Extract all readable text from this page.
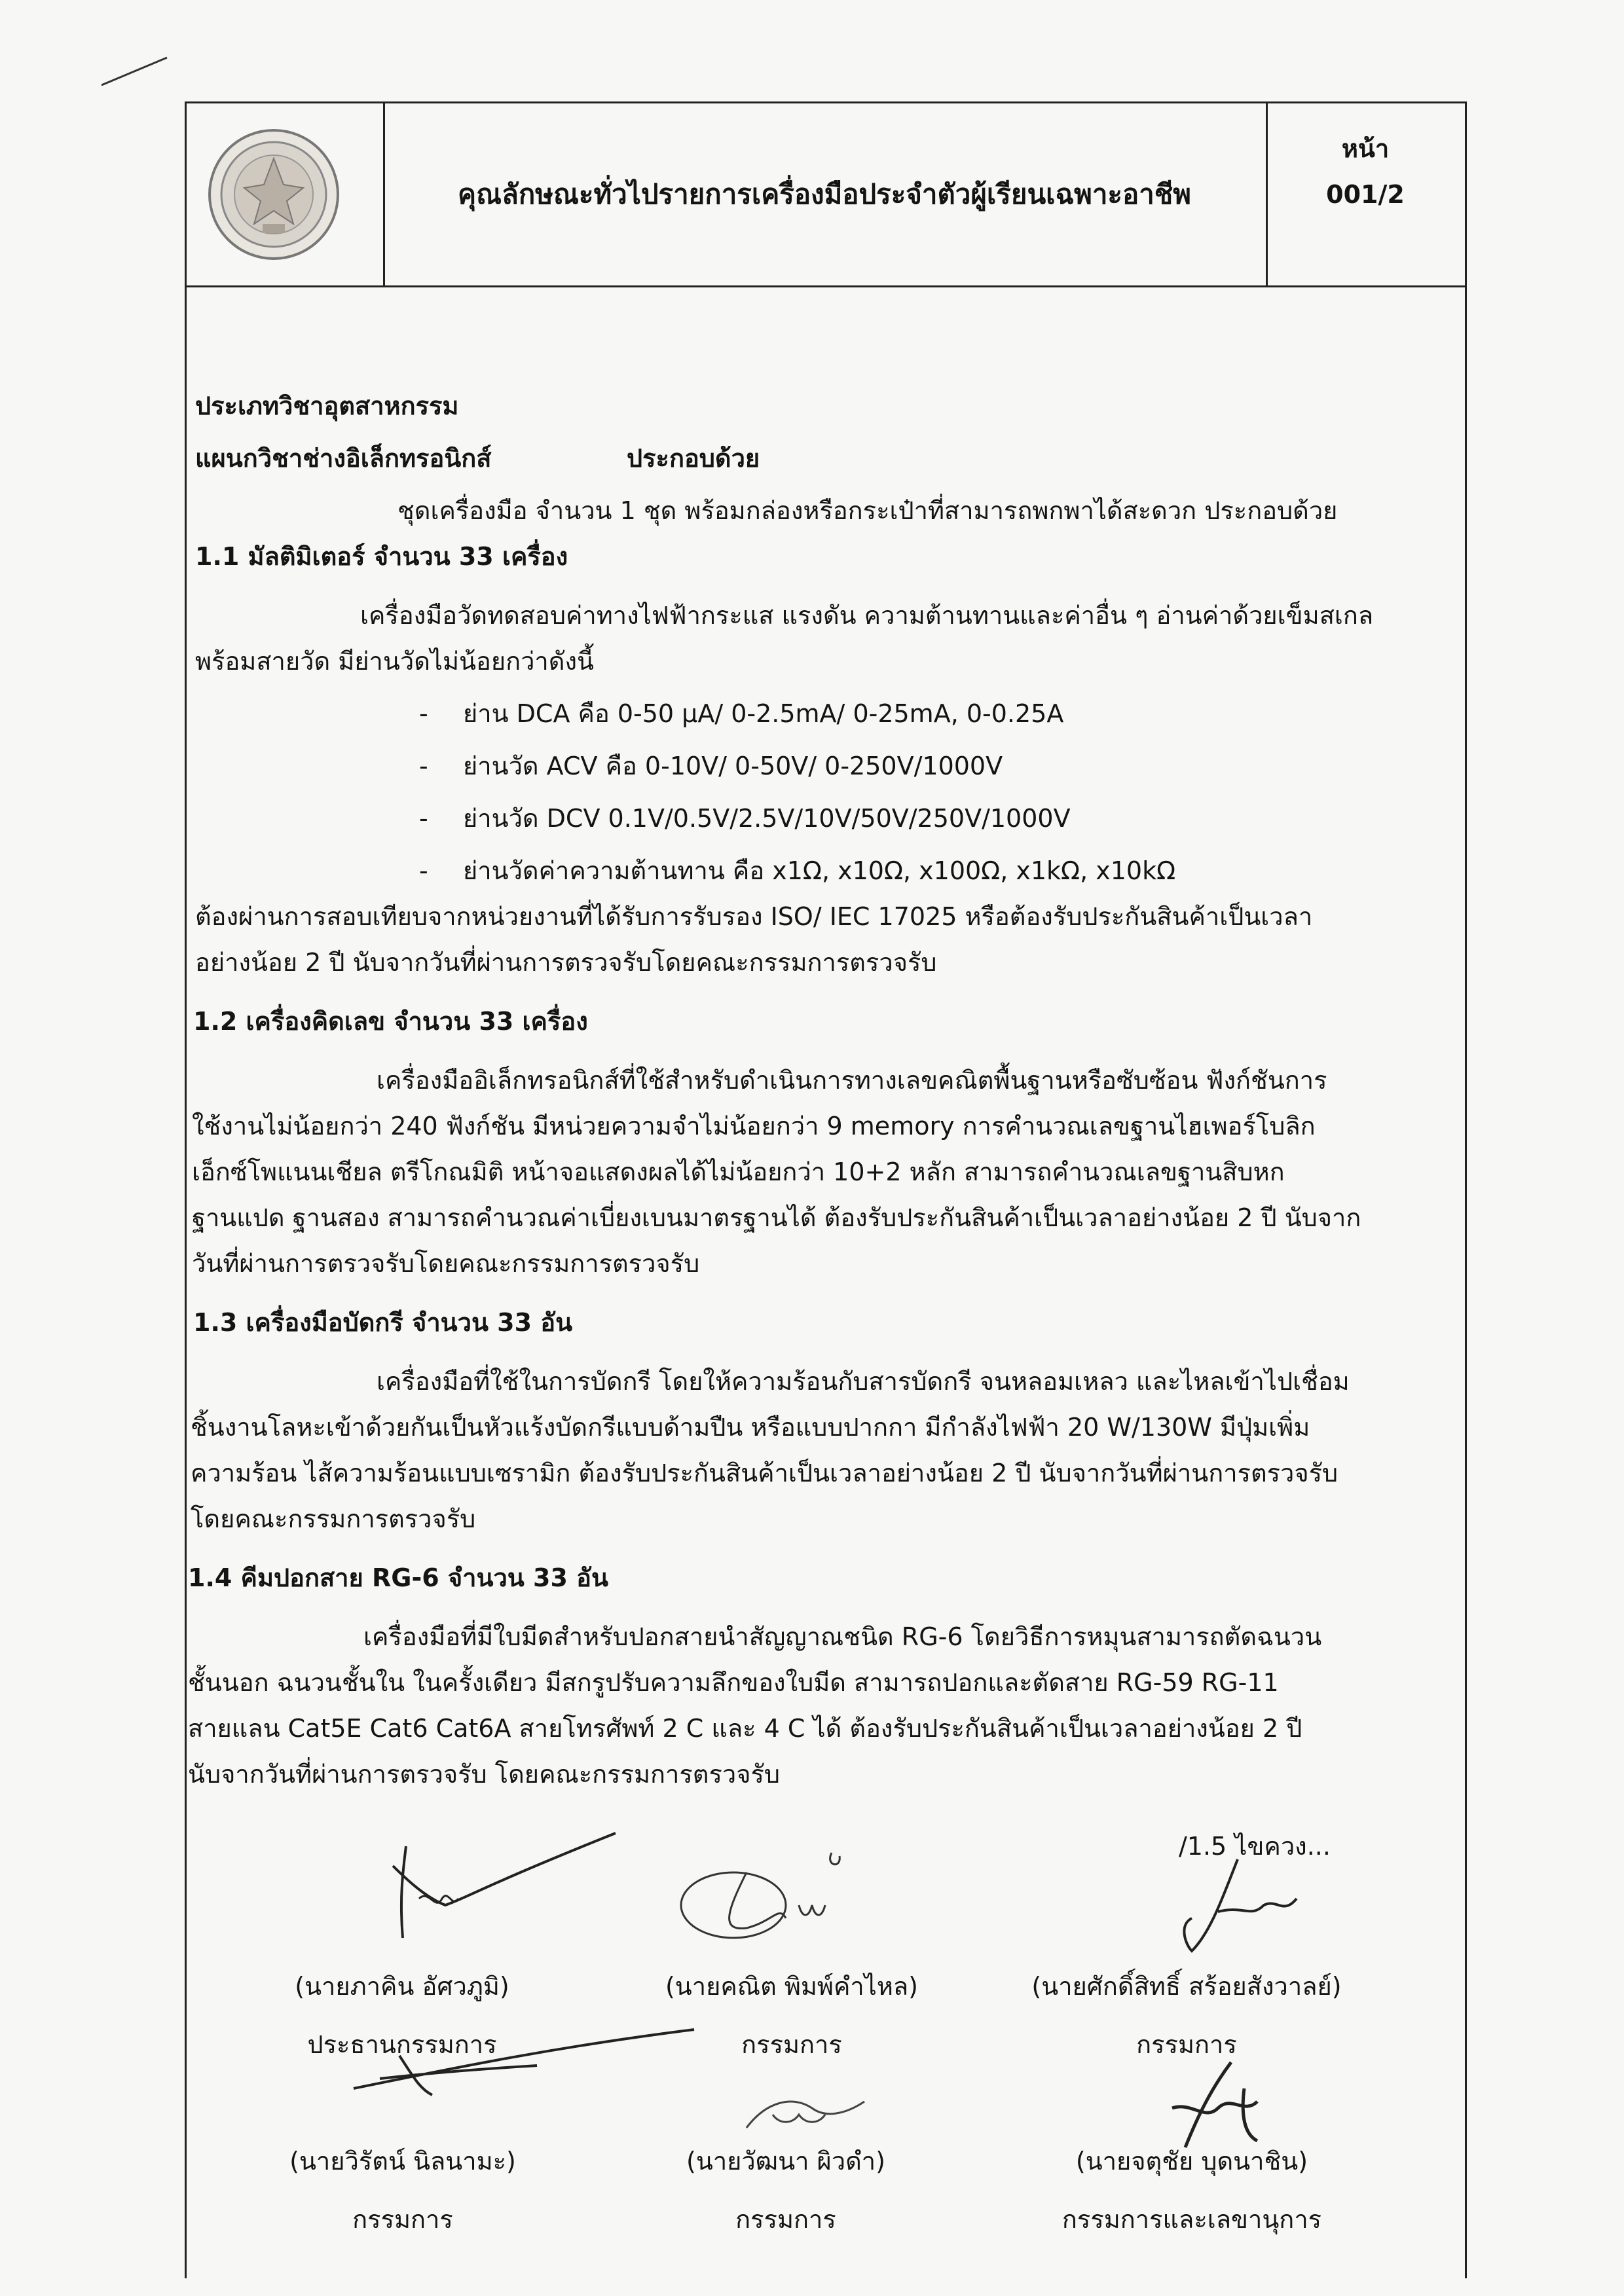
คุณลักษณะทั่วไปรายการเครื่องมือประจำตัวผู้เรียนเฉพาะอาชีพ
หน้า
001/2
ประเภทวิชาอุตสาหกรรม
แผนกวิชาช่างอิเล็กทรอนิกส์	ประกอบด้วย
ชุดเครื่องมือ จำนวน 1 ชุด พร้อมกล่องหรือกระเป๋าที่สามารถพกพาได้สะดวก ประกอบด้วย
1.1 มัลติมิเตอร์ จำนวน 33 เครื่อง
เครื่องมือวัดทดสอบค่าทางไฟฟ้ากระแส แรงดัน ความต้านทานและค่าอื่น ๆ อ่านค่าด้วยเข็มสเกล
พร้อมสายวัด มีย่านวัดไม่น้อยกว่าดังนี้
- ย่าน DCA คือ 0-50 μA/ 0-2.5mA/ 0-25mA, 0-0.25A
- ย่านวัด ACV คือ 0-10V/ 0-50V/ 0-250V/1000V
- ย่านวัด DCV 0.1V/0.5V/2.5V/10V/50V/250V/1000V
- ย่านวัดค่าความต้านทาน คือ x1Ω, x10Ω, x100Ω, x1kΩ, x10kΩ
ต้องผ่านการสอบเทียบจากหน่วยงานที่ได้รับการรับรอง ISO/ IEC 17025 หรือต้องรับประกันสินค้าเป็นเวลา
อย่างน้อย 2 ปี นับจากวันที่ผ่านการตรวจรับโดยคณะกรรมการตรวจรับ
1.2 เครื่องคิดเลข จำนวน 33 เครื่อง
เครื่องมืออิเล็กทรอนิกส์ที่ใช้สำหรับดำเนินการทางเลขคณิตพื้นฐานหรือซับซ้อน ฟังก์ชันการ
ใช้งานไม่น้อยกว่า 240 ฟังก์ชัน มีหน่วยความจำไม่น้อยกว่า 9 memory การคำนวณเลขฐานไฮเพอร์โบลิก
เอ็กซ์โพแนนเชียล ตรีโกณมิติ หน้าจอแสดงผลได้ไม่น้อยกว่า 10+2 หลัก สามารถคำนวณเลขฐานสิบหก
ฐานแปด ฐานสอง สามารถคำนวณค่าเบี่ยงเบนมาตรฐานได้ ต้องรับประกันสินค้าเป็นเวลาอย่างน้อย 2 ปี นับจาก
วันที่ผ่านการตรวจรับโดยคณะกรรมการตรวจรับ
1.3 เครื่องมือบัดกรี จำนวน 33 อัน
เครื่องมือที่ใช้ในการบัดกรี โดยให้ความร้อนกับสารบัดกรี จนหลอมเหลว และไหลเข้าไปเชื่อม
ชิ้นงานโลหะเข้าด้วยกันเป็นหัวแร้งบัดกรีแบบด้ามปืน หรือแบบปากกา มีกำลังไฟฟ้า 20 W/130W มีปุ่มเพิ่ม
ความร้อน ไส้ความร้อนแบบเซรามิก ต้องรับประกันสินค้าเป็นเวลาอย่างน้อย 2 ปี นับจากวันที่ผ่านการตรวจรับ
โดยคณะกรรมการตรวจรับ
1.4 คีมปอกสาย RG-6 จำนวน 33 อัน
เครื่องมือที่มีใบมีดสำหรับปอกสายนำสัญญาณชนิด RG-6 โดยวิธีการหมุนสามารถตัดฉนวน
ชั้นนอก ฉนวนชั้นใน ในครั้งเดียว มีสกรูปรับความลึกของใบมีด สามารถปอกและตัดสาย RG-59 RG-11
สายแลน Cat5E Cat6 Cat6A สายโทรศัพท์ 2 C และ 4 C ได้ ต้องรับประกันสินค้าเป็นเวลาอย่างน้อย 2 ปี
นับจากวันที่ผ่านการตรวจรับ โดยคณะกรรมการตรวจรับ
/1.5 ไขควง...
(นายภาคิน อัศวภูมิ)
ประธานกรรมการ
(นายคณิต พิมพ์คำไหล)
กรรมการ
(นายศักดิ์สิทธิ์ สร้อยสังวาลย์)
กรรมการ
(นายวิรัตน์ นิลนามะ)
กรรมการ
(นายวัฒนา ผิวดำ)
กรรมการ
(นายจตุชัย บุดนาชิน)
กรรมการและเลขานุการ
